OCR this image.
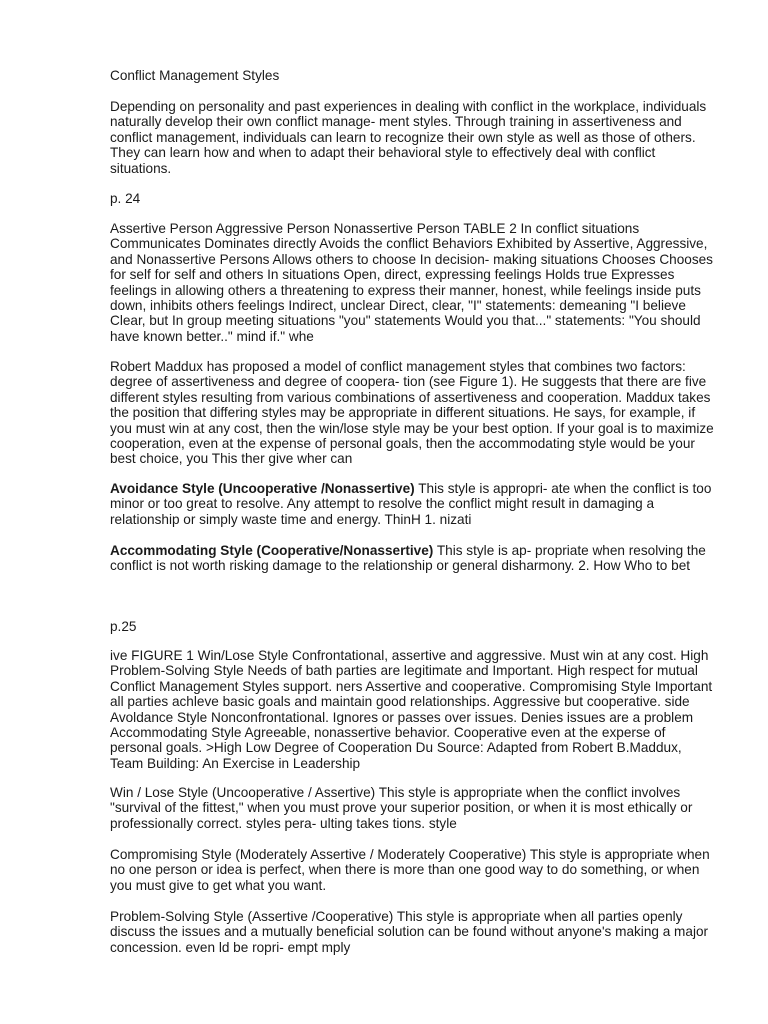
Conflict Management Styles

Depending on personality and past experiences in dealing with conflict in the workplace, individuals naturally develop their own conflict manage- ment styles. Through training in assertiveness and conflict management, individuals can learn to recognize their own style as well as those of others. They can learn how and when to adapt their behavioral style to effectively deal with conflict situations.

p. 24

Assertive Person Aggressive Person Nonassertive Person TABLE 2 In conflict situations Communicates Dominates directly Avoids the conflict Behaviors Exhibited by Assertive, Aggressive, and Nonassertive Persons Allows others to choose In decision- making situations Chooses Chooses for self for self and others In situations Open, direct, expressing feelings Holds true Expresses feelings in allowing others a threatening to express their manner, honest, while feelings inside puts down, inhibits others feelings Indirect, unclear Direct, clear, "I" statements: demeaning "I believe Clear, but In group meeting situations "you" statements Would you that..." statements: "You should have known better.." mind if." whe

Robert Maddux has proposed a model of conflict management styles that combines two factors: degree of assertiveness and degree of coopera- tion (see Figure 1). He suggests that there are five different styles resulting from various combinations of assertiveness and cooperation. Maddux takes the position that differing styles may be appropriate in different situations. He says, for example, if you must win at any cost, then the win/lose style may be your best option. If your goal is to maximize cooperation, even at the expense of personal goals, then the accommodating style would be your best choice, you This ther give wher can

Avoidance Style (Uncooperative /Nonassertive) This style is appropri- ate when the conflict is too minor or too great to resolve. Any attempt to resolve the conflict might result in damaging a relationship or simply waste time and energy. ThinH 1. nizati

Accommodating Style (Cooperative/Nonassertive) This style is ap- propriate when resolving the conflict is not worth risking damage to the relationship or general disharmony. 2. How Who to bet

p.25

ive FIGURE 1 Win/Lose Style Confrontational, assertive and aggressive. Must win at any cost. High Problem-Solving Style Needs of bath parties are legitimate and Important. High respect for mutual Conflict Management Styles support. ners Assertive and cooperative. Compromising Style Important all parties achleve basic goals and maintain good relationships. Aggressive but cooperative. side Avoldance Style Nonconfrontational. Ignores or passes over issues. Denies issues are a problem Accommodating Style Agreeable, nonassertive behavior. Cooperative even at the experse of personal goals. >High Low Degree of Cooperation Du Source: Adapted from Robert B.Maddux, Team Building: An Exercise in Leadership

Win / Lose Style (Uncooperative / Assertive) This style is appropriate when the conflict involves "survival of the fittest," when you must prove your superior position, or when it is most ethically or professionally correct. styles pera- ulting takes tions. style

Compromising Style (Moderately Assertive / Moderately Cooperative) This style is appropriate when no one person or idea is perfect, when there is more than one good way to do something, or when you must give to get what you want.

Problem-Solving Style (Assertive /Cooperative) This style is appropriate when all parties openly discuss the issues and a mutually beneficial solution can be found without anyone's making a major concession. even ld be ropri- empt mply
